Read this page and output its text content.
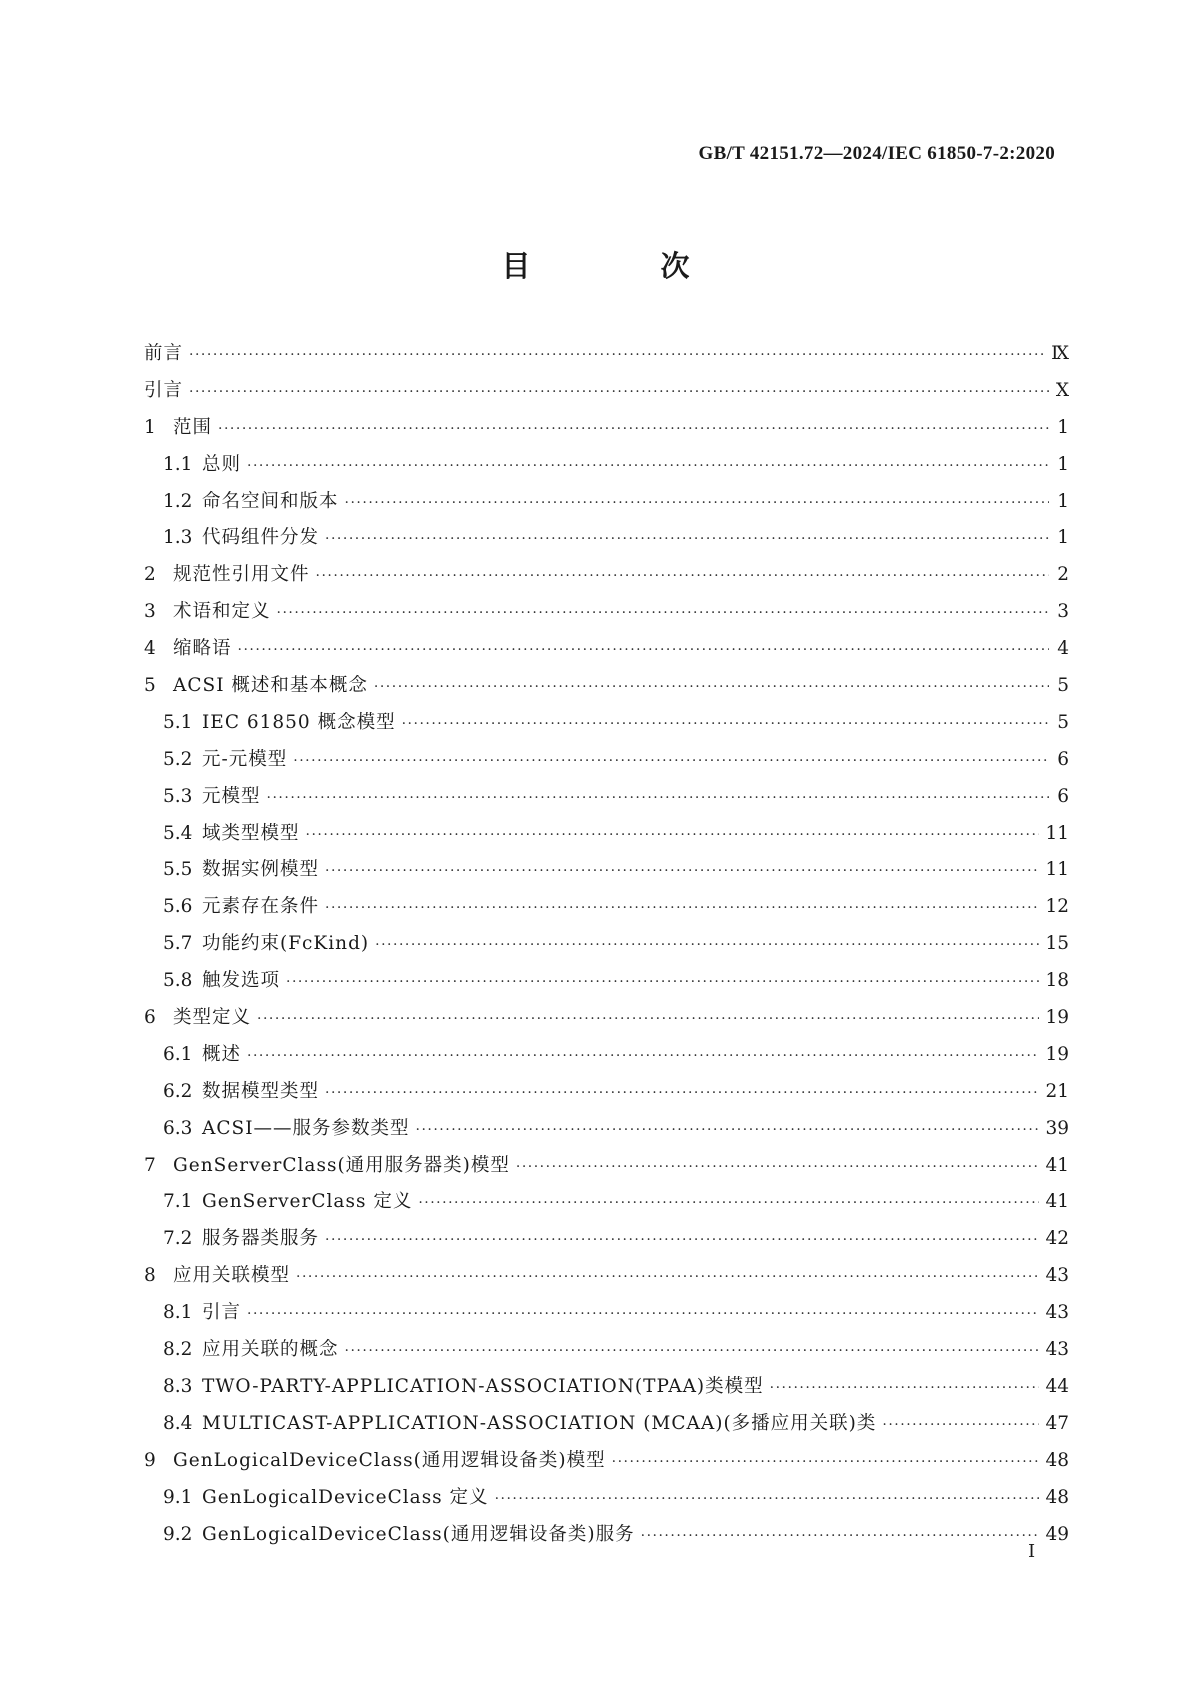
GB/T 42151.72—2024/IEC 61850-7-2:2020
目 次
前言 ·····	Ⅸ
引言 ·····	Ⅹ
1 范围 ·····	1
1.1 总则 ·····	1
1.2 命名空间和版本 ·····	1
1.3 代码组件分发 ·····	1
2 规范性引用文件 ·····	2
3 术语和定义 ·····	3
4 缩略语 ·····	4
5 ACSI 概述和基本概念 ·····	5
5.1 IEC 61850 概念模型 ·····	5
5.2 元-元模型 ·····	6
5.3 元模型 ·····	6
5.4 域类型模型 ·····	11
5.5 数据实例模型 ·····	11
5.6 元素存在条件 ·····	12
5.7 功能约束(FcKind) ·····	15
5.8 触发选项 ·····	18
6 类型定义 ·····	19
6.1 概述 ·····	19
6.2 数据模型类型 ·····	21
6.3 ACSI——服务参数类型 ·····	39
7 GenServerClass(通用服务器类)模型 ·····	41
7.1 GenServerClass 定义 ·····	41
7.2 服务器类服务 ·····	42
8 应用关联模型 ·····	43
8.1 引言 ·····	43
8.2 应用关联的概念 ·····	43
8.3 TWO-PARTY-APPLICATION-ASSOCIATION(TPAA)类模型 ·····	44
8.4 MULTICAST-APPLICATION-ASSOCIATION (MCAA)(多播应用关联)类 ·····	47
9 GenLogicalDeviceClass(通用逻辑设备类)模型 ·····	48
9.1 GenLogicalDeviceClass 定义 ·····	48
9.2 GenLogicalDeviceClass(通用逻辑设备类)服务 ·····	49
I
